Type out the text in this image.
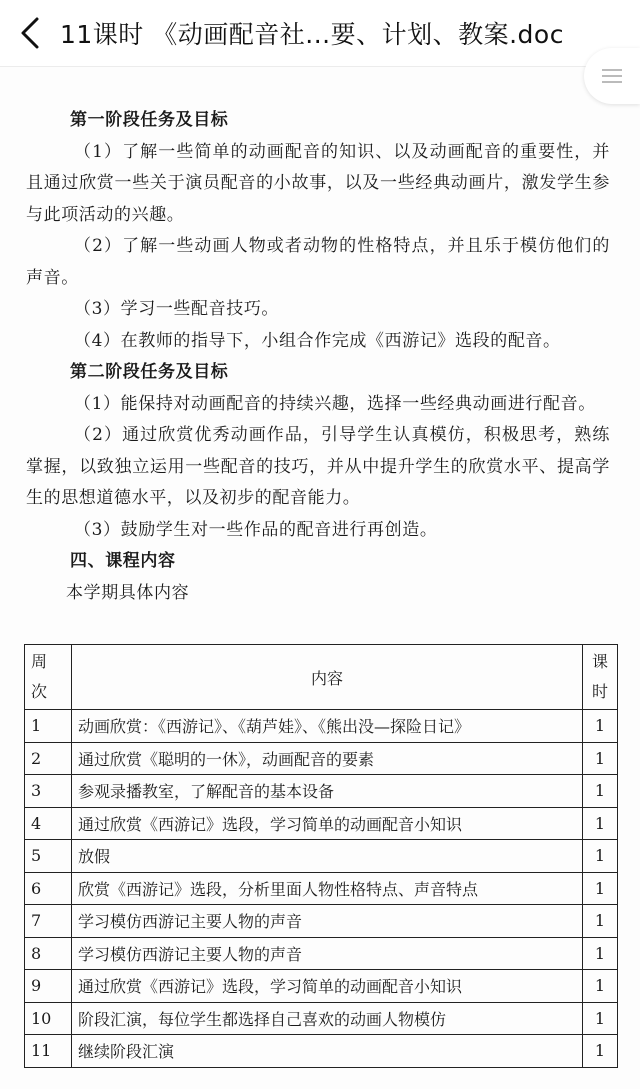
11课时 《动画配音社...要、计划、教案.doc
第一阶段任务及目标
（1）了解一些简单的动画配音的知识、以及动画配音的重要性，并且通过欣赏一些关于演员配音的小故事，以及一些经典动画片，激发学生参与此项活动的兴趣。
（2）了解一些动画人物或者动物的性格特点，并且乐于模仿他们的声音。
（3）学习一些配音技巧。
（4）在教师的指导下，小组合作完成《西游记》选段的配音。
第二阶段任务及目标
（1）能保持对动画配音的持续兴趣，选择一些经典动画进行配音。
（2）通过欣赏优秀动画作品，引导学生认真模仿，积极思考，熟练掌握，以致独立运用一些配音的技巧，并从中提升学生的欣赏水平、提高学生的思想道德水平，以及初步的配音能力。
（3）鼓励学生对一些作品的配音进行再创造。
四、课程内容
本学期具体内容
周
次	内容	课
时

1	动画欣赏：《西游记》、《葫芦娃》、《熊出没—探险日记》	1
2	通过欣赏《聪明的一休》，动画配音的要素	1
3	参观录播教室，了解配音的基本设备	1
4	通过欣赏《西游记》选段，学习简单的动画配音小知识	1
5	放假	1
6	欣赏《西游记》选段，分析里面人物性格特点、声音特点	1
7	学习模仿西游记主要人物的声音	1
8	学习模仿西游记主要人物的声音	1
9	通过欣赏《西游记》选段，学习简单的动画配音小知识	1
10	阶段汇演，每位学生都选择自己喜欢的动画人物模仿	1
11	继续阶段汇演	1
